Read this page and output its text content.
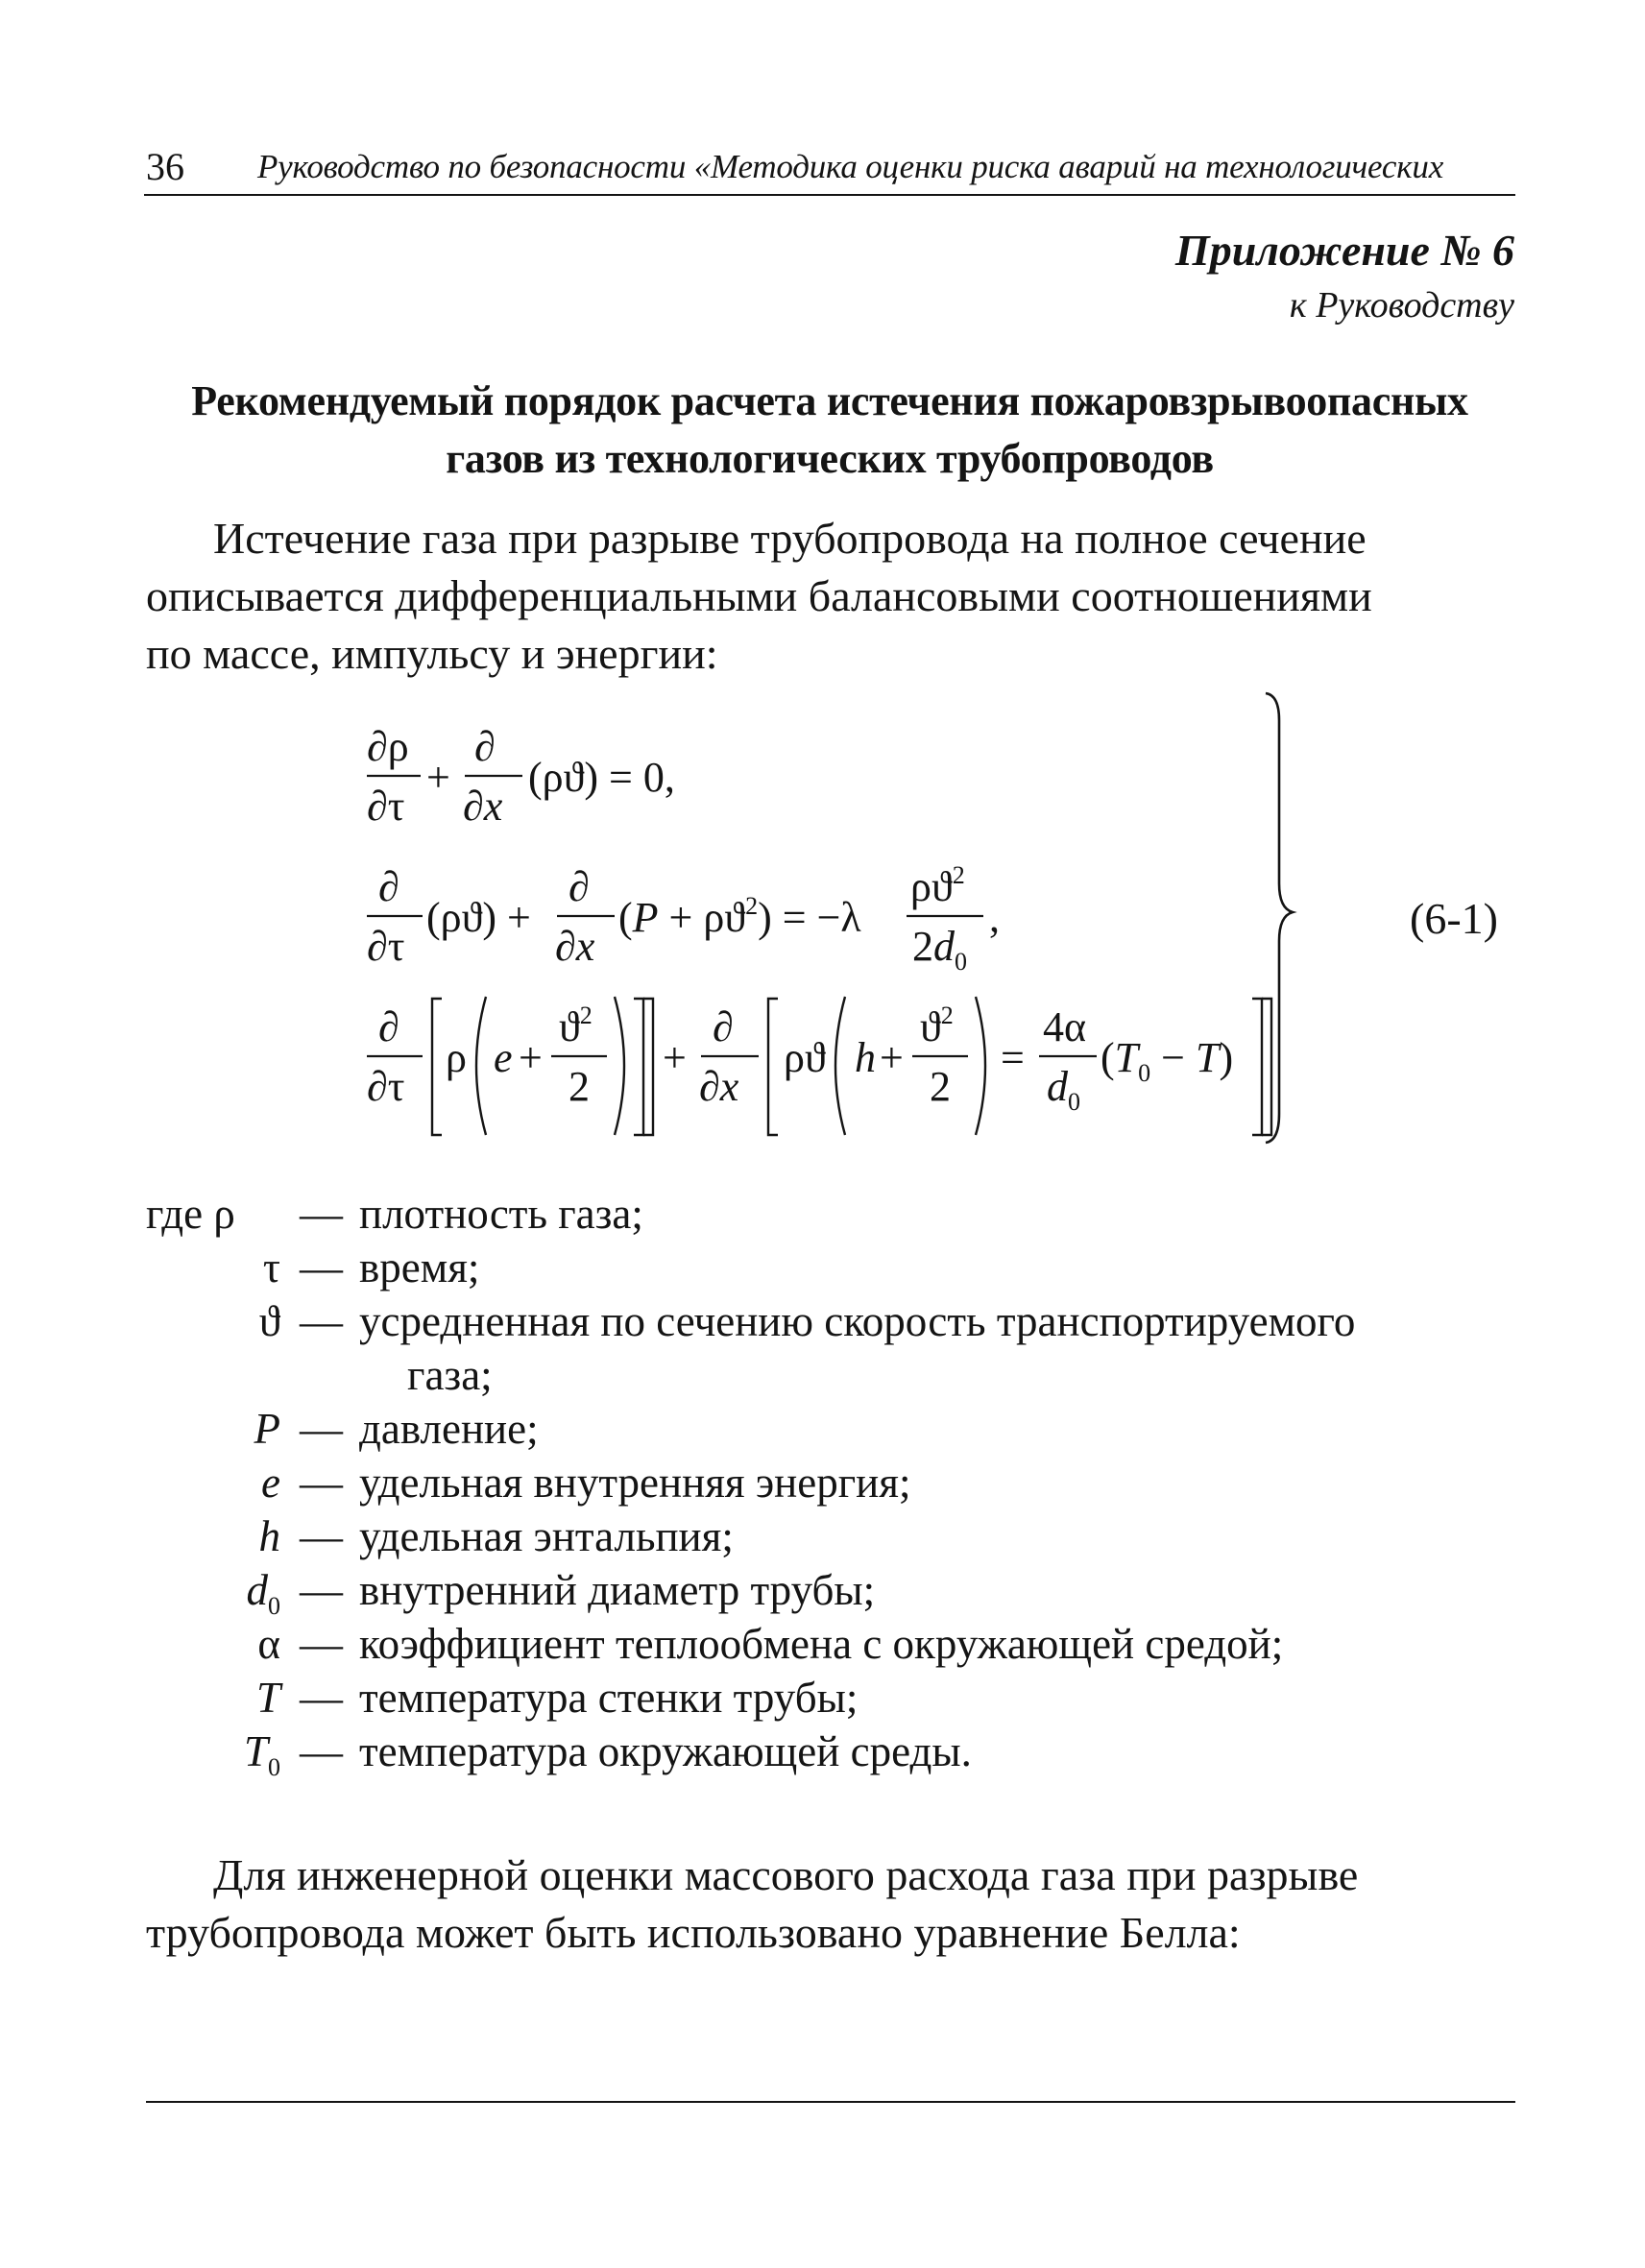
36 Руководство по безопасности «Методика оценки риска аварий на технологических
Приложение № 6
к Руководству
Рекомендуемый порядок расчета истечения пожаровзрывоопасных
газов из технологических трубопроводов
Истечение газа при разрыве трубопровода на полное сечение
описывается дифференциальными балансовыми соотношениями
по массе, импульсу и энергии:
∂ρ
∂τ
+
∂
∂x
(ρϑ) = 0,
∂
∂τ
(ρϑ) +
∂
∂x
$(P + \rho ϑ^2) = -\lambda$
$\rho ϑ^2$
$2d_0$
,
∂
∂τ
ρ e +
$ϑ^2$
2
+
∂
∂x
ρϑ h +
$ϑ^2$
2
=
4α
$d_0$
$(T_0 - T)$
(6-1)
где ρ	— плотность газа;
τ — время;
ϑ — усредненная по сечению скорость транспортируемого
газа;
P — давление;
e — удельная внутренняя энергия;
h — удельная энтальпия;
$d_0$ — внутренний диаметр трубы;
α — коэффициент теплообмена с окружающей средой;
T — температура стенки трубы;
$T_0$ — температура окружающей среды.
Для инженерной оценки массового расхода газа при разрыве
трубопровода может быть использовано уравнение Белла:
